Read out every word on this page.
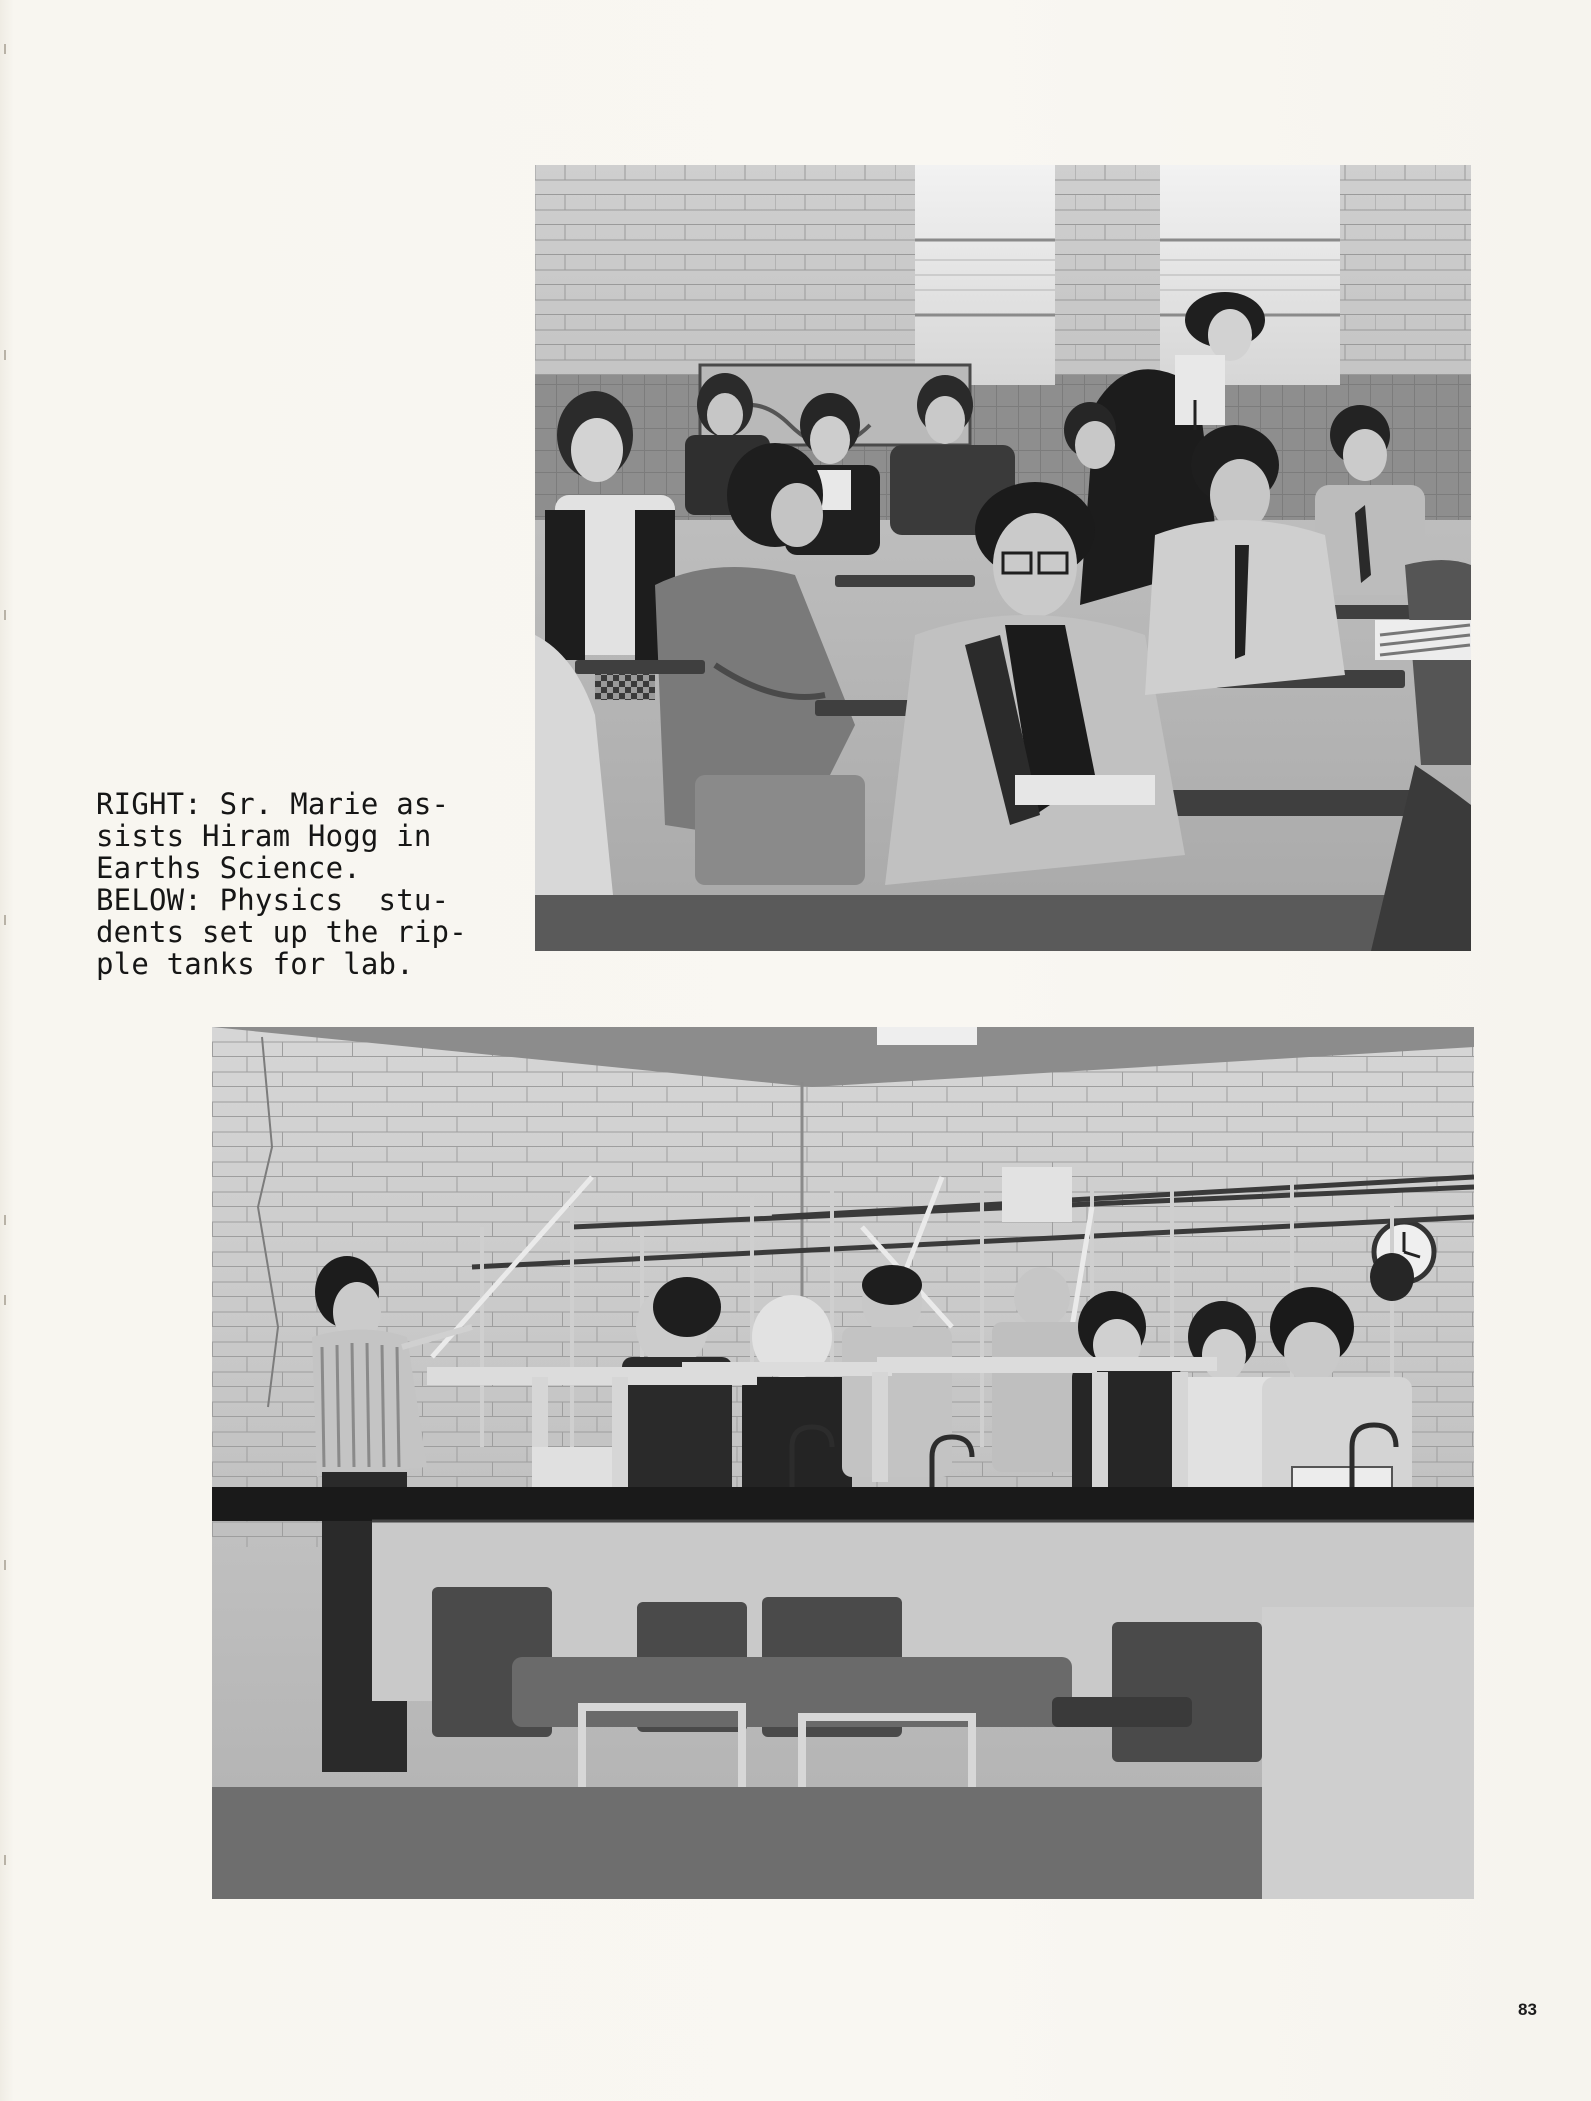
RIGHT: Sr. Marie as-
sists Hiram Hogg in
Earths Science.
BELOW: Physics  stu-
dents set up the rip-
ple tanks for lab.
83
